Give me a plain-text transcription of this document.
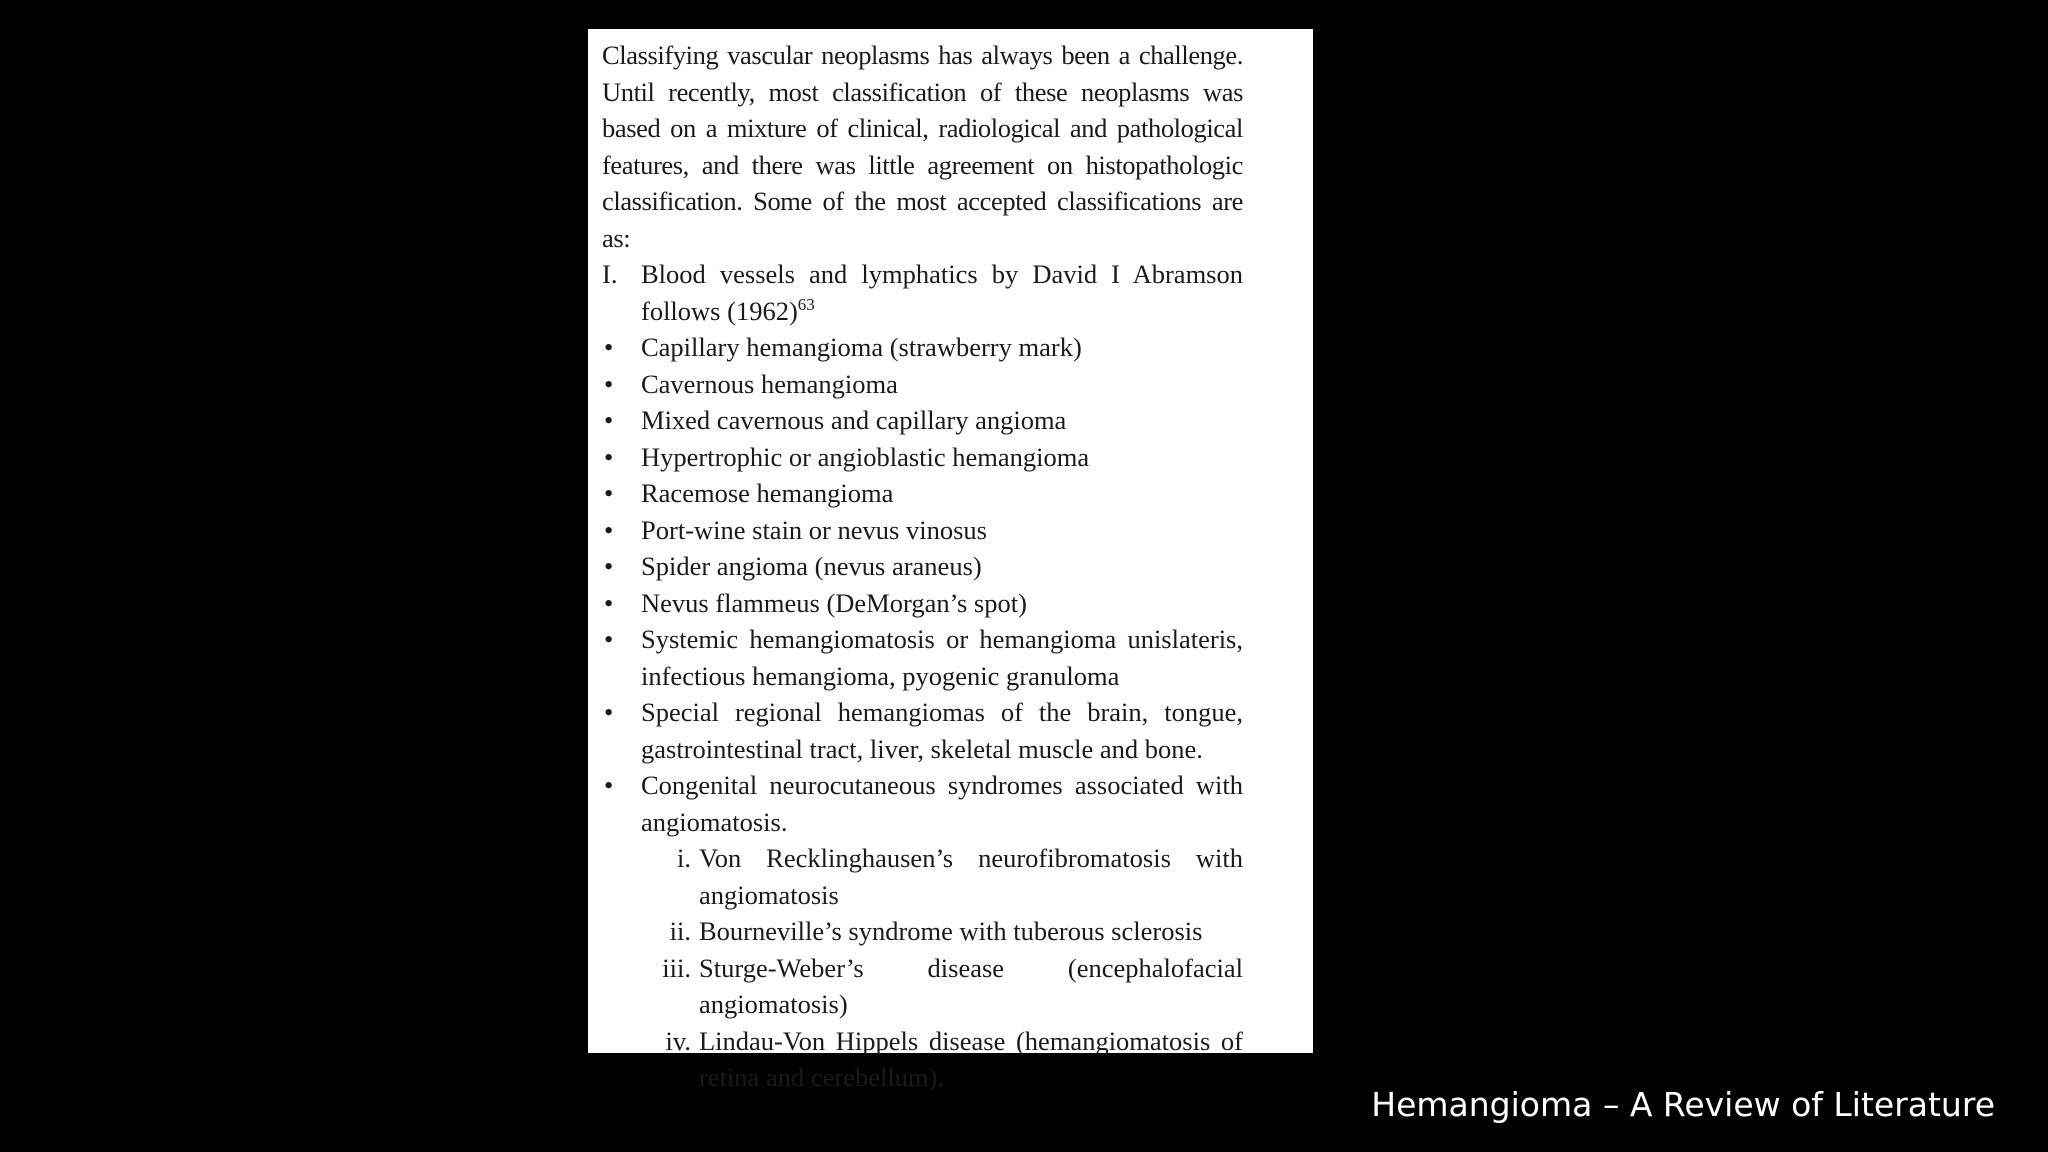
Classifying vascular neoplasms has always been a challenge. Until recently, most classification of these neoplasms was based on a mixture of clinical, radiological and pathological features, and there was little agreement on histopathologic classification. Some of the most accepted classifications are as:

I. Blood vessels and lymphatics by David I Abramson follows $(1962)^{63}$
• Capillary hemangioma (strawberry mark)
• Cavernous hemangioma
• Mixed cavernous and capillary angioma
• Hypertrophic or angioblastic hemangioma
• Racemose hemangioma
• Port-wine stain or nevus vinosus
• Spider angioma (nevus araneus)
• Nevus flammeus (DeMorgan’s spot)
• Systemic hemangiomatosis or hemangioma unislateris, infectious hemangioma, pyogenic granuloma
• Special regional hemangiomas of the brain, tongue, gastrointestinal tract, liver, skeletal muscle and bone.
• Congenital neurocutaneous syndromes associated with angiomatosis.
i. Von Recklinghausen’s neurofibromatosis with angiomatosis
ii. Bourneville’s syndrome with tuberous sclerosis
iii. Sturge-Weber’s disease (encephalofacial angiomatosis)
iv. Lindau-Von Hippels disease (hemangiomatosis of retina and cerebellum).
Hemangioma – A Review of Literature
